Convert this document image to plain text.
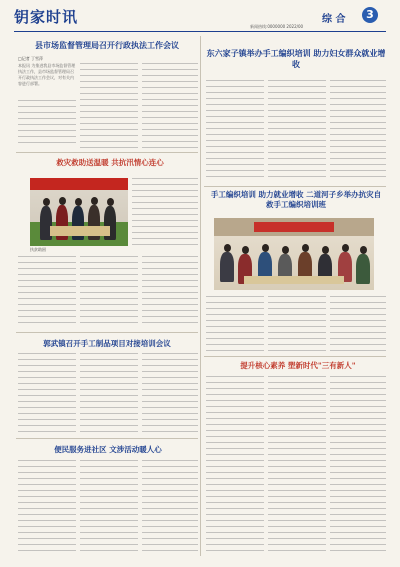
钥家时讯	综 合	3
新闻热线:0000000 2022/00
县市场监督管理局召开行政执法工作会议
□记者 丁雪萍
本报讯 为推进我县市场监督管理执法工作，县市场监督管理局召开行政执法工作会议，对有关内容进行部署。
救灾救助送温暖 共抗汛情心连心
扶贫助困
郭武镇召开手工制品项目对接培训会议
便民服务进社区 文涉活动暖人心
东六家子镇举办手工编织培训 助力妇女群众就业增收
手工编织培训 助力就业增收 二道河子乡举办抗灾自救手工编织培训班
提升核心素养 塑新时代"三有新人"
